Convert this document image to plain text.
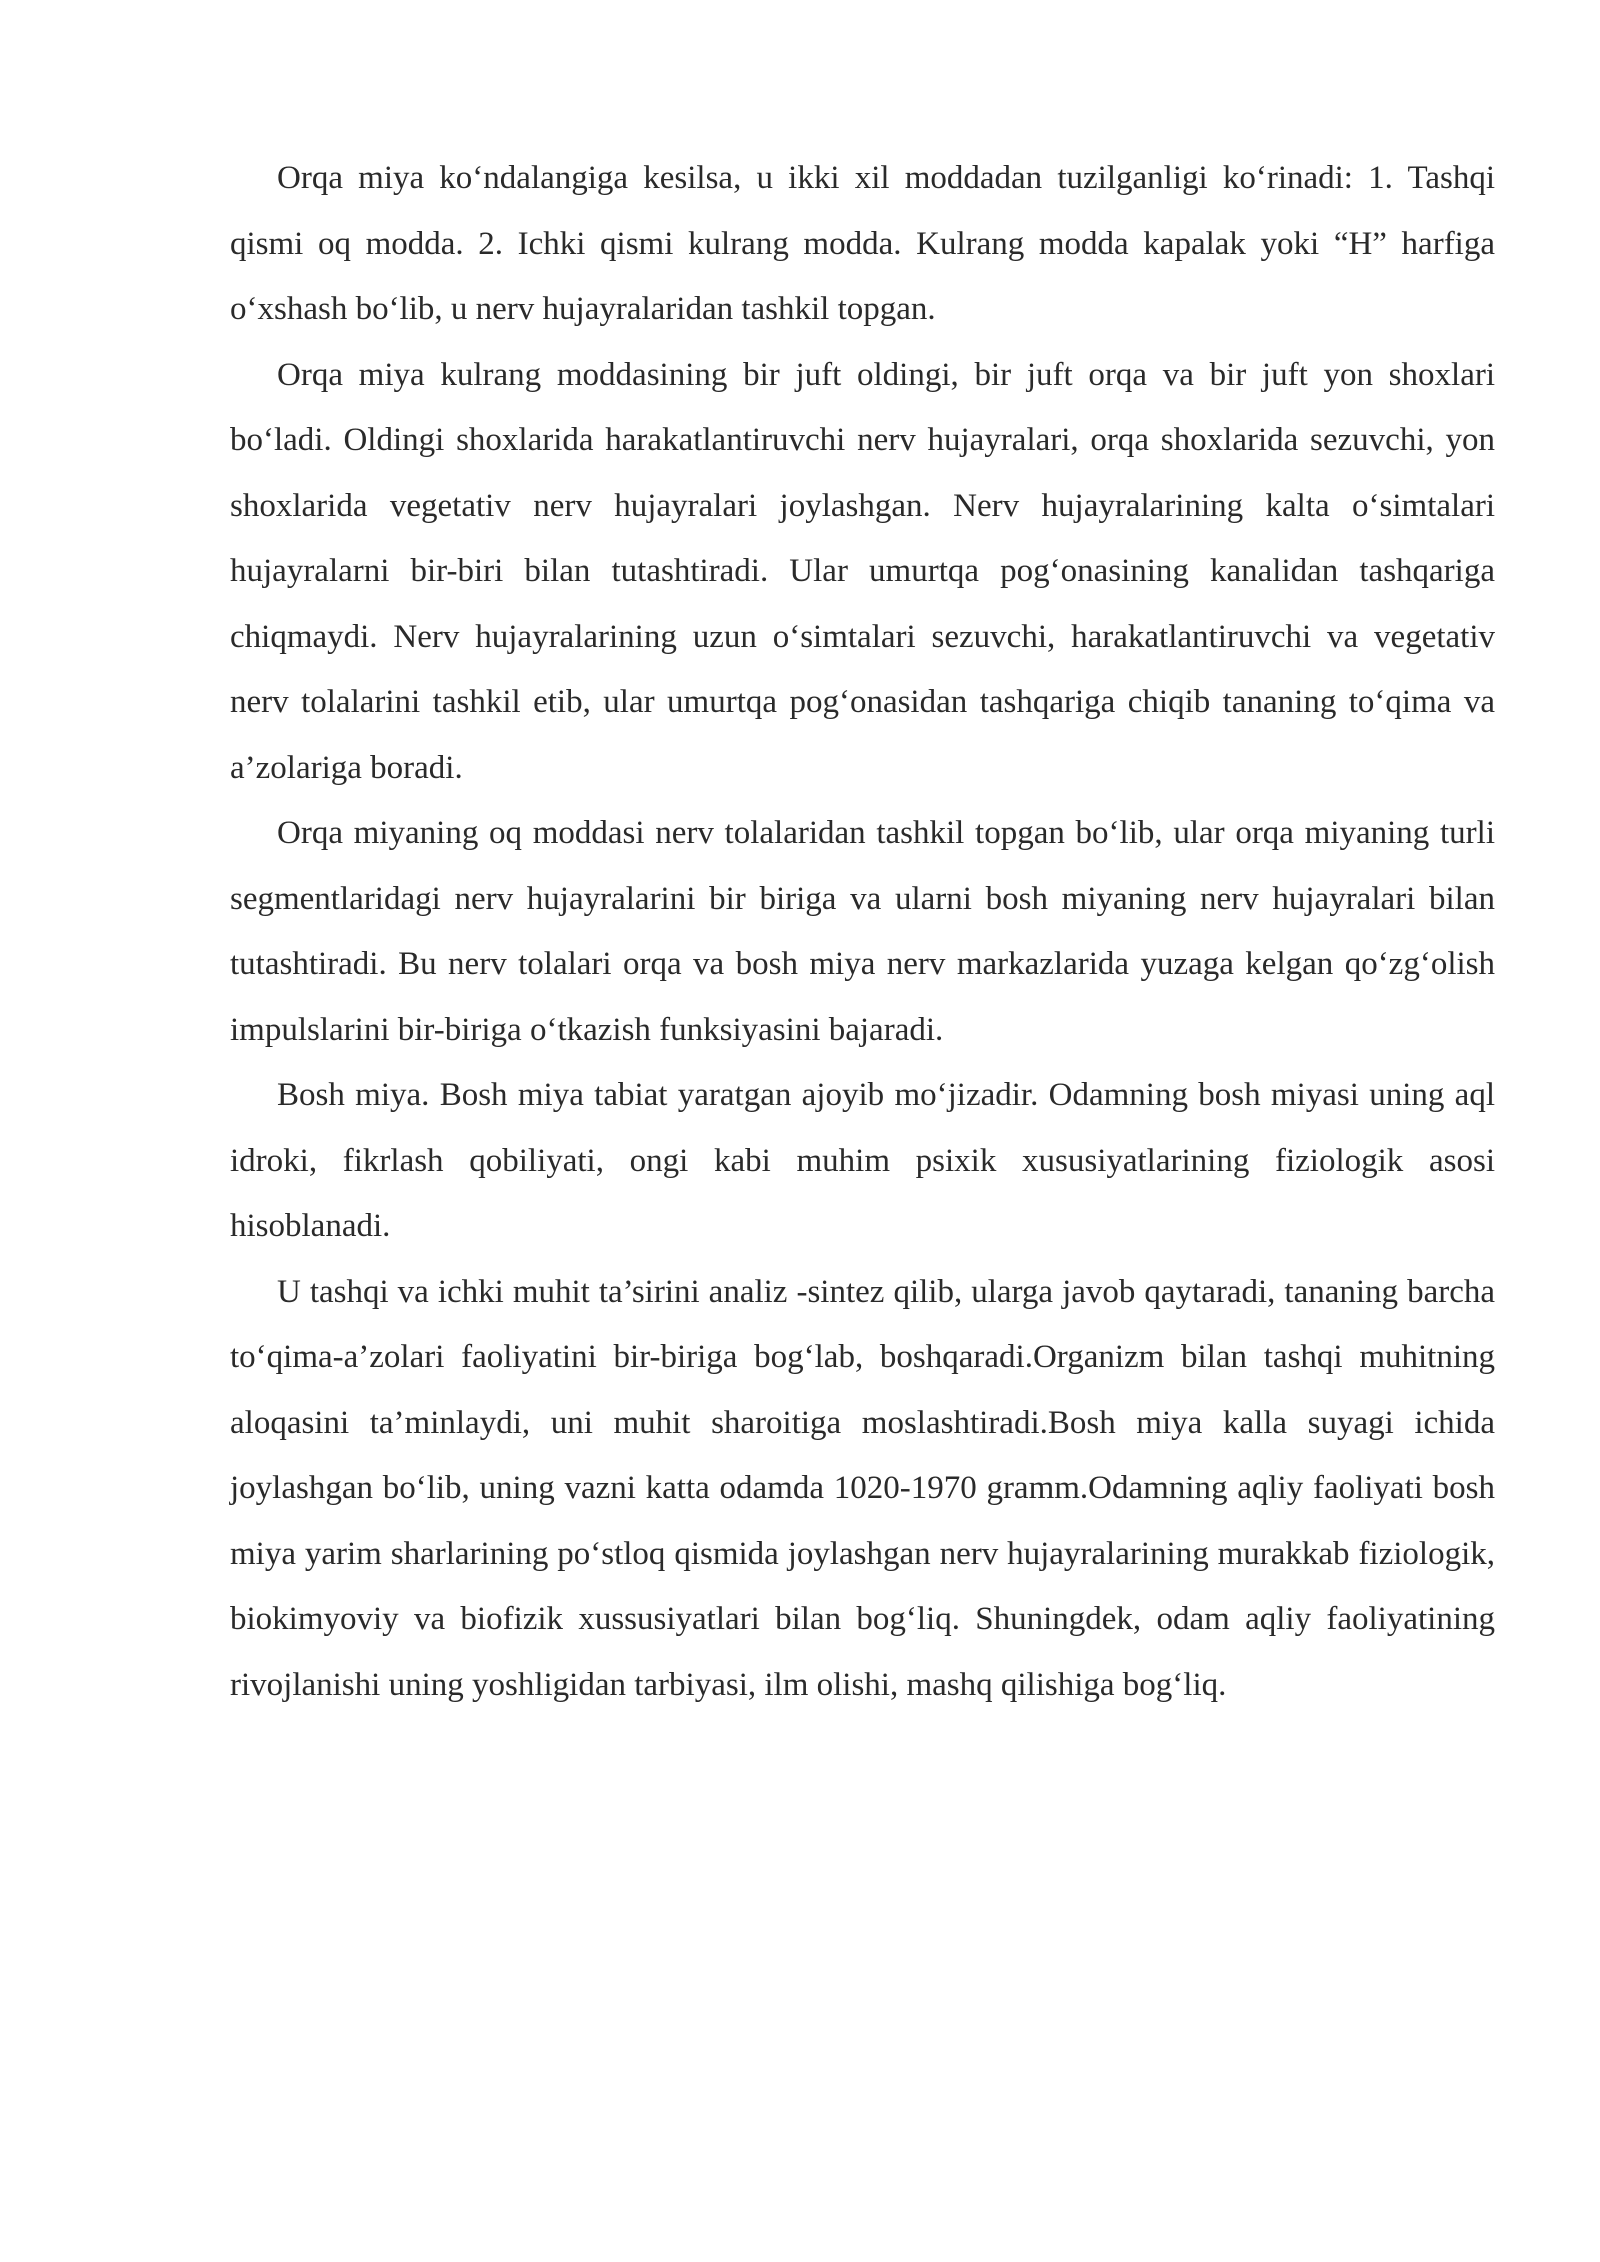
Orqa miya ko‘ndalangiga kesilsa, u ikki xil moddadan tuzilganligi ko‘rinadi: 1. Tashqi qismi oq modda. 2. Ichki qismi kulrang modda. Kulrang modda kapalak yoki “H” harfiga o‘xshash bo‘lib, u nerv hujayralaridan tashkil topgan.

Orqa miya kulrang moddasining bir juft oldingi, bir juft orqa va bir juft yon shoxlari bo‘ladi. Oldingi shoxlarida harakatlantiruvchi nerv hujayralari, orqa shoxlarida sezuvchi, yon shoxlarida vegetativ nerv hujayralari joylashgan. Nerv hujayralarining kalta o‘simtalari hujayralarni bir-biri bilan tutashtiradi. Ular umurtqa pog‘onasining kanalidan tashqariga chiqmaydi. Nerv hujayralarining uzun o‘simtalari sezuvchi, harakatlantiruvchi va vegetativ nerv tolalarini tashkil etib, ular umurtqa pog‘onasidan tashqariga chiqib tananing to‘qima va a’zolariga boradi.

Orqa miyaning oq moddasi nerv tolalaridan tashkil topgan bo‘lib, ular orqa miyaning turli segmentlaridagi nerv hujayralarini bir biriga va ularni bosh miyaning nerv hujayralari bilan tutashtiradi. Bu nerv tolalari orqa va bosh miya nerv markazlarida yuzaga kelgan qo‘zg‘olish impulslarini bir-biriga o‘tkazish funksiyasini bajaradi.

Bosh miya. Bosh miya tabiat yaratgan ajoyib mo‘jizadir. Odamning bosh miyasi uning aql idroki, fikrlash qobiliyati, ongi kabi muhim psixik xususiyatlarining fiziologik asosi hisoblanadi.

U tashqi va ichki muhit ta’sirini analiz -sintez qilib, ularga javob qaytaradi, tananing barcha to‘qima-a’zolari faoliyatini bir-biriga bog‘lab, boshqaradi.Organizm bilan tashqi muhitning aloqasini ta’minlaydi, uni muhit sharoitiga moslashtiradi.Bosh miya kalla suyagi ichida joylashgan bo‘lib, uning vazni katta odamda 1020-1970 gramm.Odamning aqliy faoliyati bosh miya yarim sharlarining po‘stloq qismida joylashgan nerv hujayralarining murakkab fiziologik, biokimyoviy va biofizik xussusiyatlari bilan bog‘liq. Shuningdek, odam aqliy faoliyatining rivojlanishi uning yoshligidan tarbiyasi, ilm olishi, mashq qilishiga bog‘liq.
